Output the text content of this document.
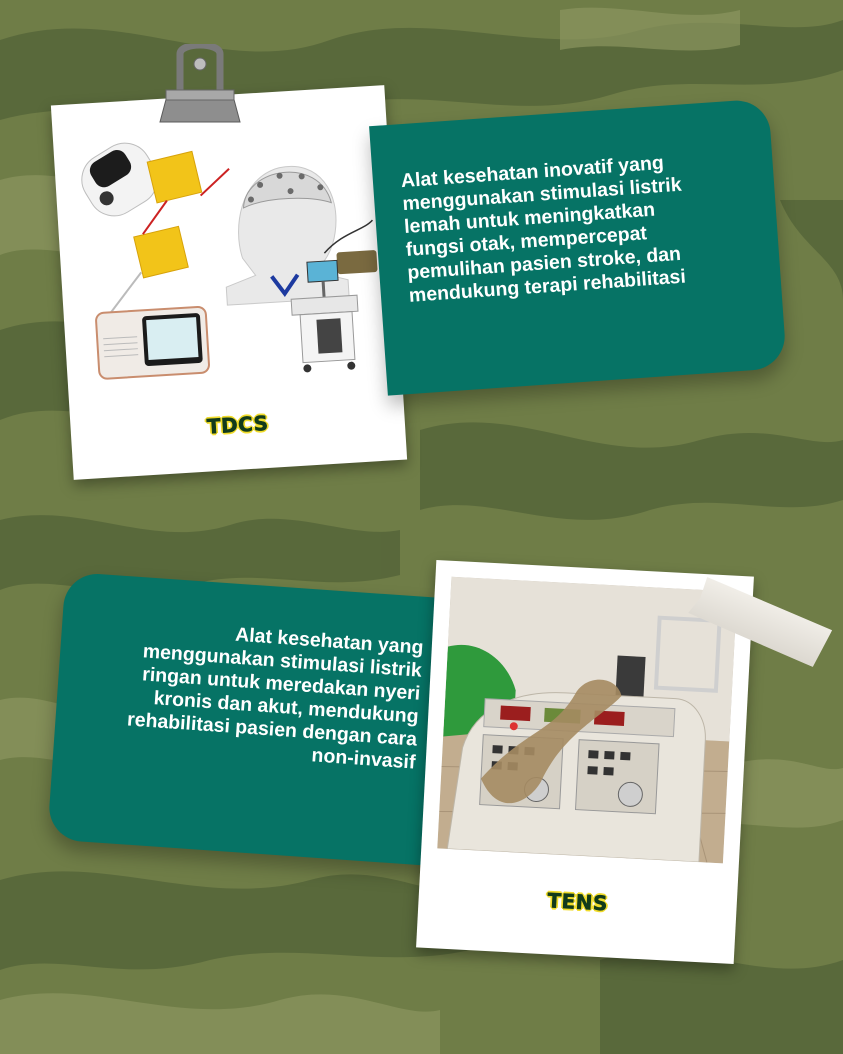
TDCS

Alat kesehatan inovatif yang menggunakan stimulasi listrik lemah untuk meningkatkan fungsi otak, mempercepat pemulihan pasien stroke, dan mendukung terapi rehabilitasi

Alat kesehatan yang menggunakan stimulasi listrik ringan untuk meredakan nyeri kronis dan akut, mendukung rehabilitasi pasien dengan cara non-invasif

TENS
